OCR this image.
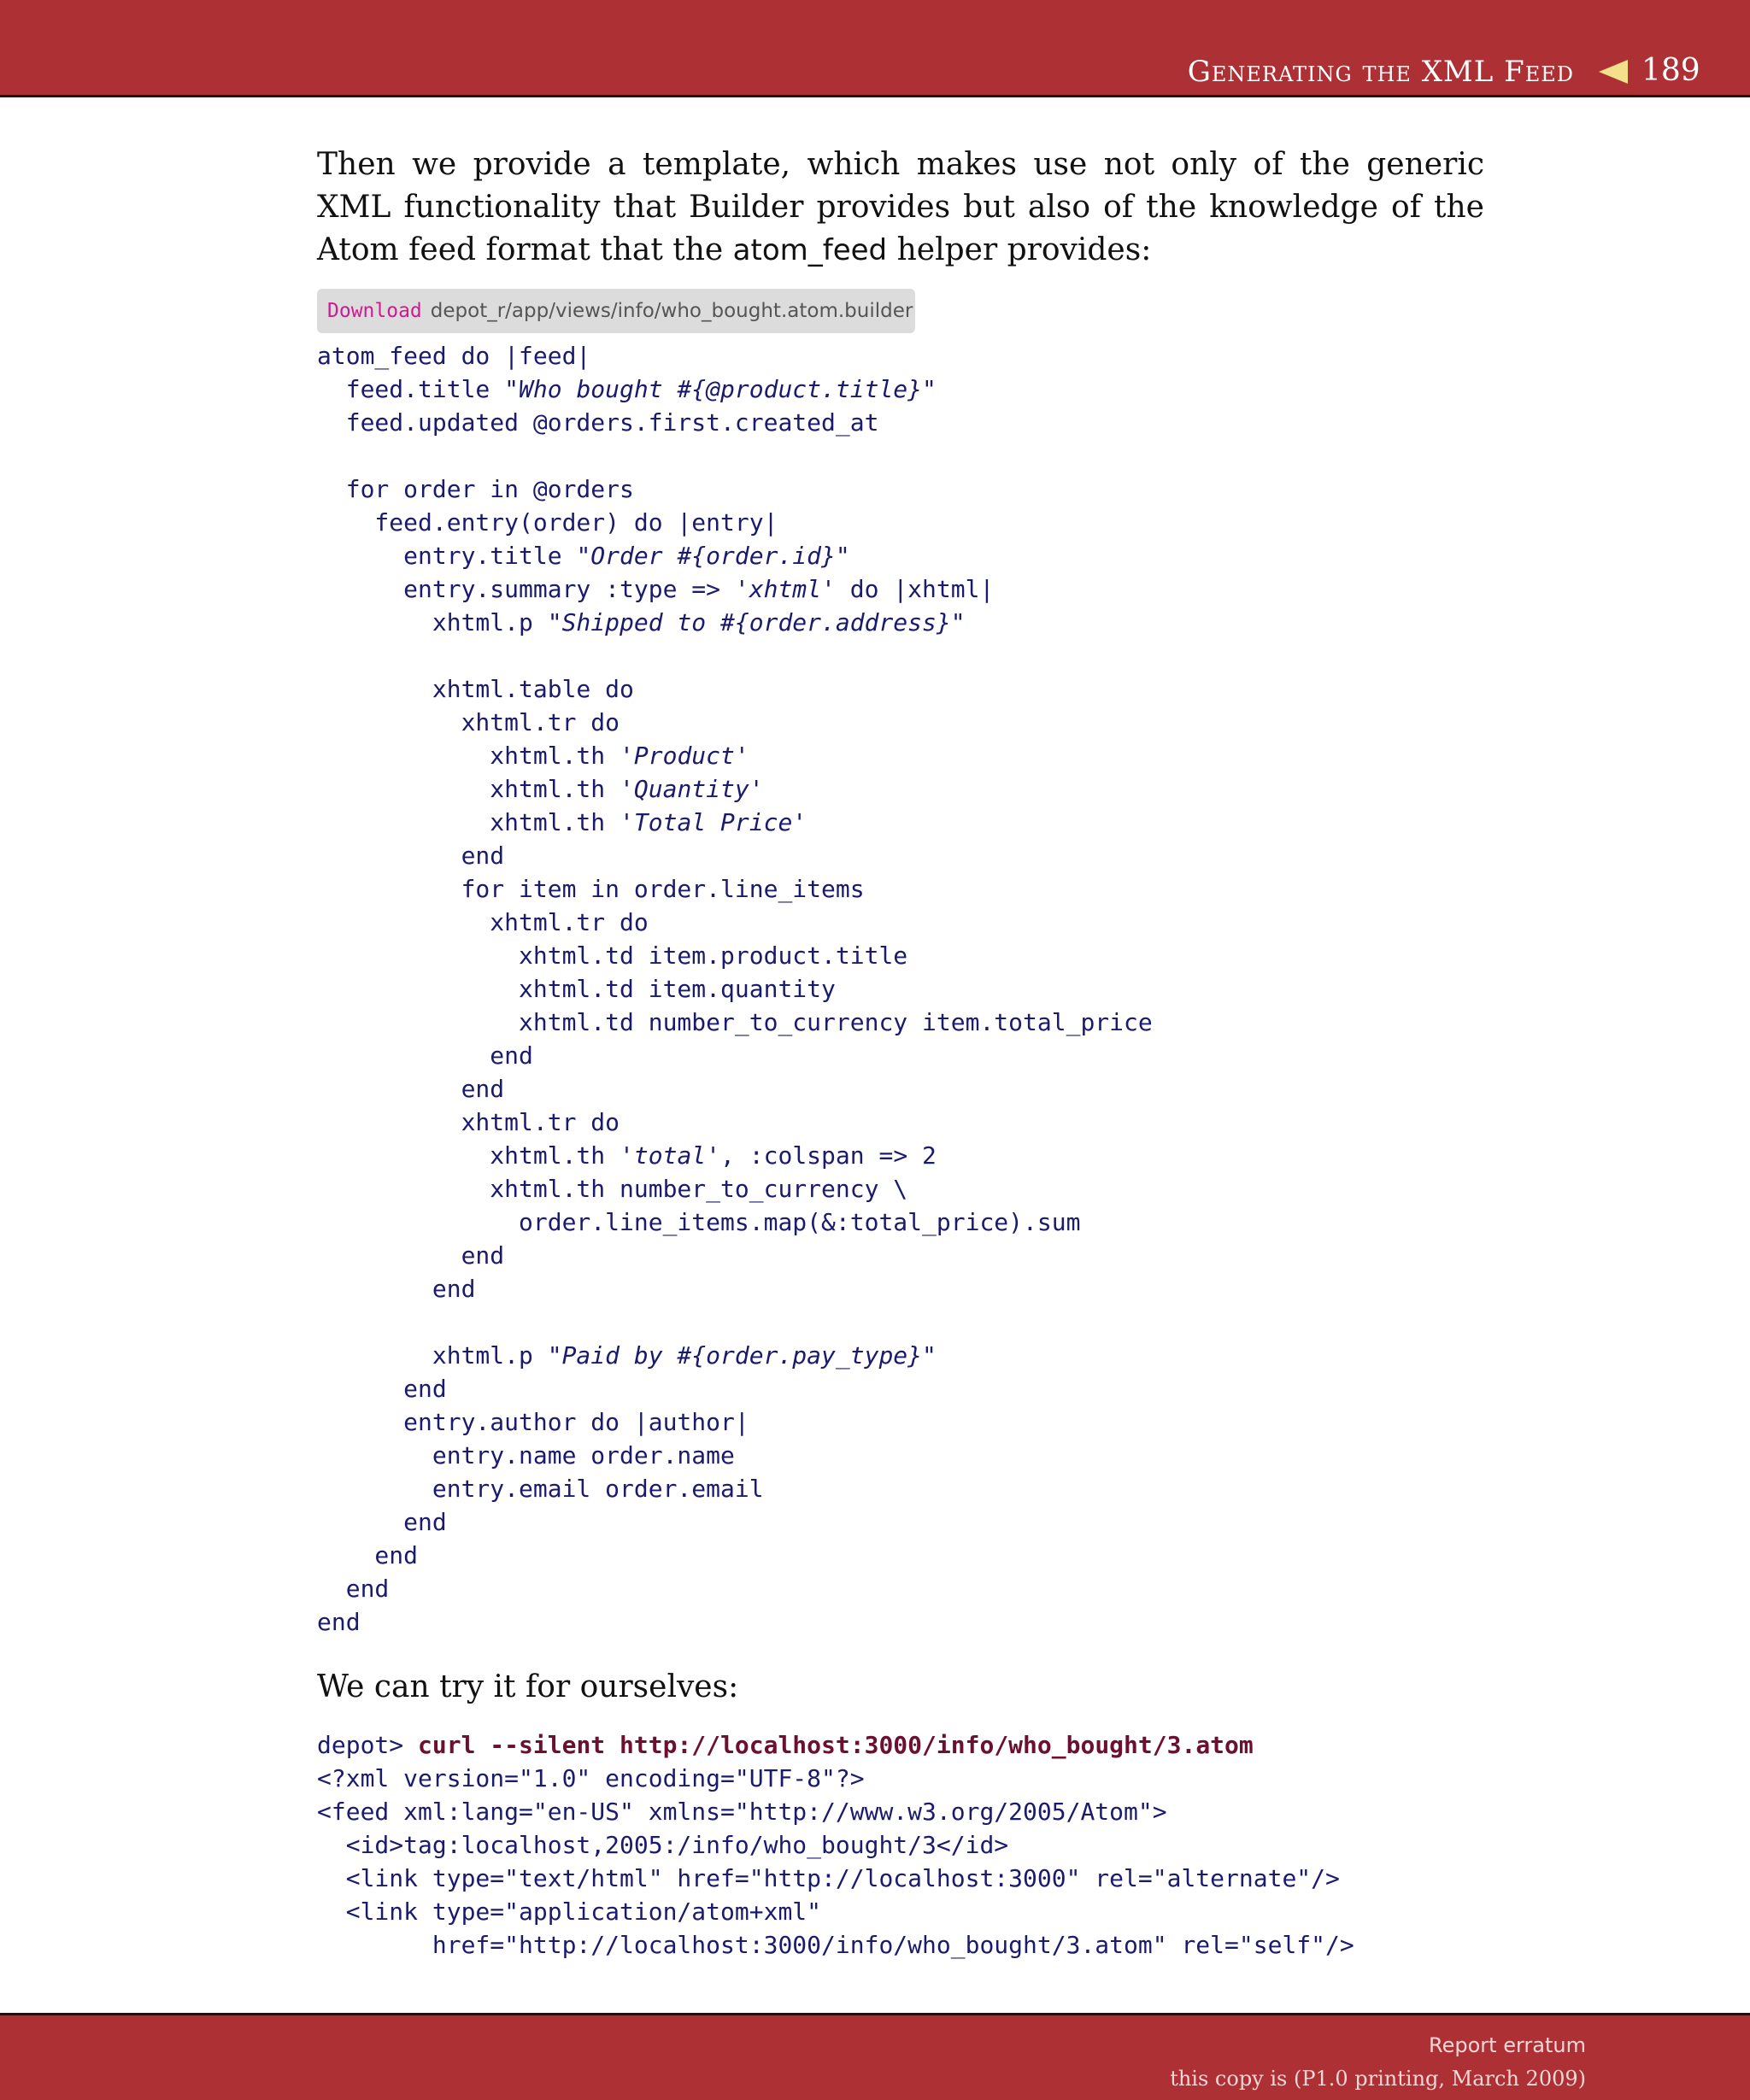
Generating the XML Feed 189
Then we provide a template, which makes use not only of the generic XML functionality that Builder provides but also of the knowledge of the Atom feed format that the atom_feed helper provides:
Download depot_r/app/views/info/who_bought.atom.builder
atom_feed do |feed|
feed.title "Who bought #{@product.title}"
feed.updated @orders.first.created_at

for order in @orders
feed.entry(order) do |entry|
entry.title "Order #{order.id}"
entry.summary :type => 'xhtml' do |xhtml|
xhtml.p "Shipped to #{order.address}"

xhtml.table do
xhtml.tr do
xhtml.th 'Product'
xhtml.th 'Quantity'
xhtml.th 'Total Price'
end
for item in order.line_items
xhtml.tr do
xhtml.td item.product.title
xhtml.td item.quantity
xhtml.td number_to_currency item.total_price
end
end
xhtml.tr do
xhtml.th 'total', :colspan => 2
xhtml.th number_to_currency \
order.line_items.map(&:total_price).sum
end
end

xhtml.p "Paid by #{order.pay_type}"
end
entry.author do |author|
entry.name order.name
entry.email order.email
end
end
end
end
We can try it for ourselves:
depot> curl --silent http://localhost:3000/info/who_bought/3.atom
<?xml version="1.0" encoding="UTF-8"?>
<feed xml:lang="en-US" xmlns="http://www.w3.org/2005/Atom">
<id>tag:localhost,2005:/info/who_bought/3</id>
<link type="text/html" href="http://localhost:3000" rel="alternate"/>
<link type="application/atom+xml"
href="http://localhost:3000/info/who_bought/3.atom" rel="self"/>
Report erratum
this copy is (P1.0 printing, March 2009)
